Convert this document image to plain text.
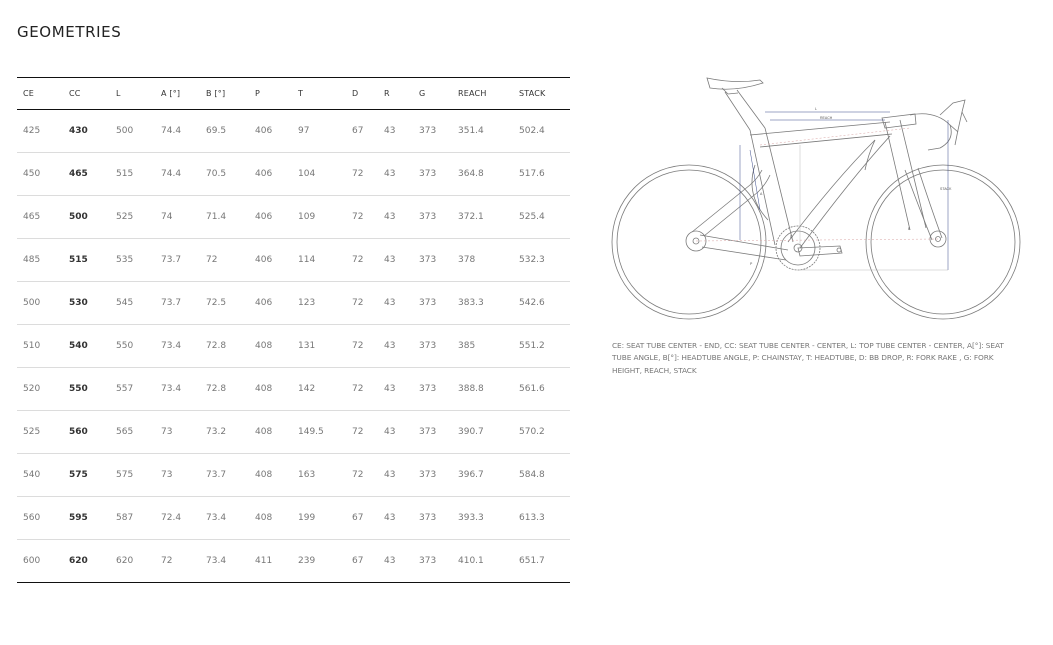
GEOMETRIES
CE	CC	L	A [°]	B [°]	P	T	D	R	G	REACH	STACK
425	430	500	74.4	69.5	406	97	67	43	373	351.4	502.4
450	465	515	74.4	70.5	406	104	72	43	373	364.8	517.6
465	500	525	74	71.4	406	109	72	43	373	372.1	525.4
485	515	535	73.7	72	406	114	72	43	373	378	532.3
500	530	545	73.7	72.5	406	123	72	43	373	383.3	542.6
510	540	550	73.4	72.8	408	131	72	43	373	385	551.2
520	550	557	73.4	72.8	408	142	72	43	373	388.8	561.6
525	560	565	73	73.2	408	149.5	72	43	373	390.7	570.2
540	575	575	73	73.7	408	163	72	43	373	396.7	584.8
560	595	587	72.4	73.4	408	199	67	43	373	393.3	613.3
600	620	620	72	73.4	411	239	67	43	373	410.1	651.7
REACH
STACK
L
A
B
P
D

CE: SEAT TUBE CENTER - END, CC: SEAT TUBE CENTER - CENTER, L: TOP TUBE CENTER - CENTER, A[°]: SEAT TUBE ANGLE, B[°]: HEADTUBE ANGLE, P: CHAINSTAY, T: HEADTUBE, D: BB DROP, R: FORK RAKE , G: FORK HEIGHT, REACH, STACK
